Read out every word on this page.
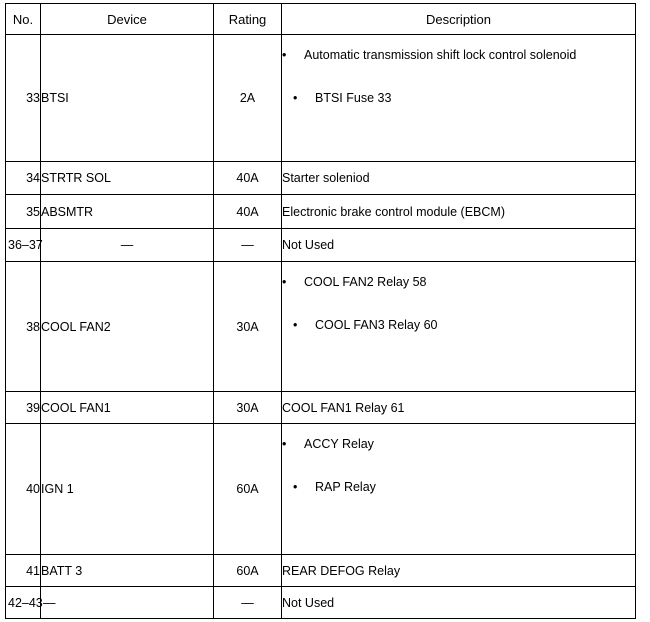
No.	Device	Rating	Description
33	BTSI	2A	
• Automatic transmission shift lock control solenoid
• BTSI Fuse 33

34	STRTR SOL	40A	Starter soleniod
35	ABSMTR	40A	Electronic brake control module (EBCM)
36–37	—	—	Not Used
38	COOL FAN2	30A	
• COOL FAN2 Relay 58
• COOL FAN3 Relay 60

39	COOL FAN1	30A	COOL FAN1 Relay 61
40	IGN 1	60A	
• ACCY Relay
• RAP Relay

41	BATT 3	60A	REAR DEFOG Relay
42–43	—	—	Not Used
